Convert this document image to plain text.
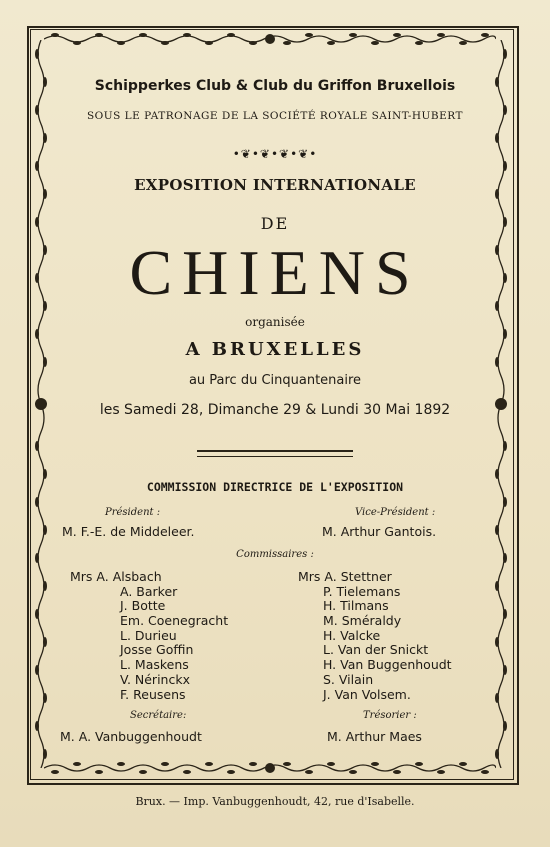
Schipperkes Club & Club du Griffon Bruxellois
SOUS LE PATRONAGE DE LA SOCIÉTÉ ROYALE SAINT-HUBERT
•❦•❦•❦•❦•
EXPOSITION INTERNATIONALE
DE
CHIENS
organisée
A BRUXELLES
au Parc du Cinquantenaire
les Samedi 28, Dimanche 29 & Lundi 30 Mai 1892
COMMISSION DIRECTRICE DE L'EXPOSITION
Président :	Vice-Président :
M. F.-E. de Middeleer.	M. Arthur Gantois.
Commissaires :
Mrs A. Alsbach
A. Barker
J. Botte
Em. Coenegracht
L. Durieu
Josse Goffin
L. Maskens
V. Nérinckx
F. Reusens
Mrs A. Stettner
P. Tielemans
H. Tilmans
M. Sméraldy
H. Valcke
L. Van der Snickt
H. Van Buggenhoudt
S. Vilain
J. Van Volsem.
Secrétaire:	Trésorier :
M. A. Vanbuggenhoudt	M. Arthur Maes
Brux. — Imp. Vanbuggenhoudt, 42, rue d'Isabelle.
